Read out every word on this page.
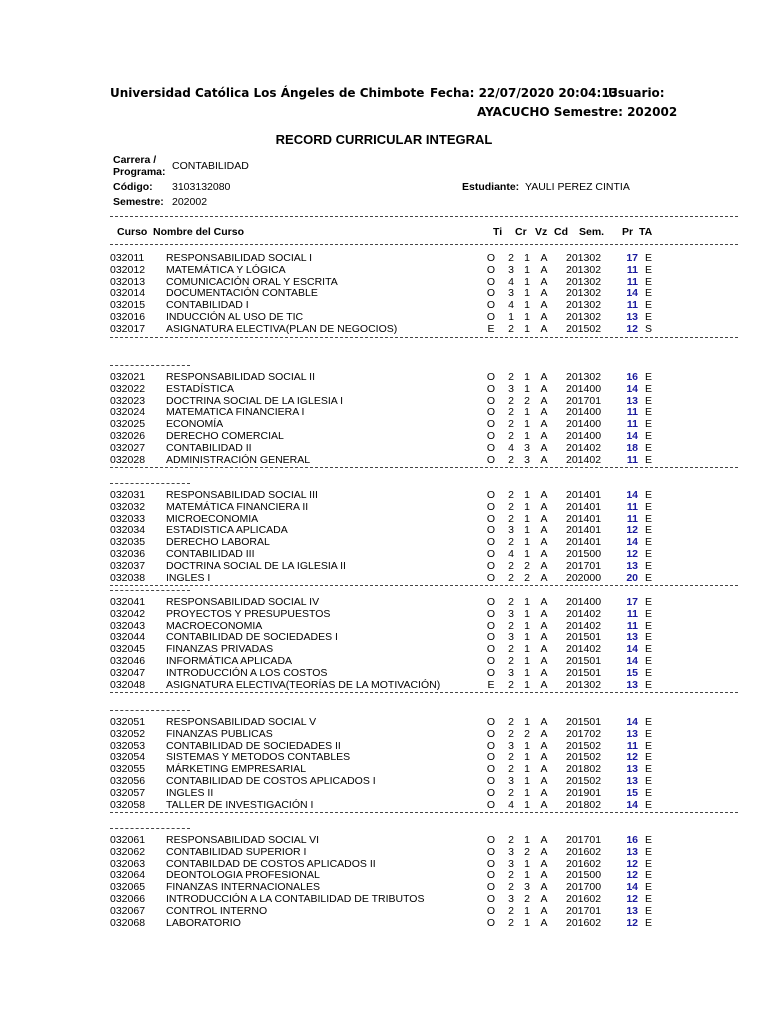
Universidad Católica Los Ángeles de Chimbote Fecha: 22/07/2020 20:04:13
Usuario:
AYACUCHO Semestre: 202002
RECORD CURRICULAR INTEGRAL
Carrera /
Programa: CONTABILIDAD
Código: 3103132080	Estudiante: YAULI PEREZ CINTIA
Semestre: 202002
Curso Nombre del Curso	Ti Cr Vz Cd Sem. Pr TA
032011 RESPONSABILIDAD SOCIAL I	O 2 1 A 201302	17 E
032012 MATEMÁTICA Y LÓGICA	O 3 1 A 201302	11 E
032013 COMUNICACIÓN ORAL Y ESCRITA	O 4 1 A 201302	11 E
032014 DOCUMENTACIÓN CONTABLE	O 3 1 A 201302	14 E
032015 CONTABILIDAD I	O 4 1 A 201302	11 E
032016 INDUCCIÓN AL USO DE TIC	O 1 1 A 201302	13 E
032017 ASIGNATURA ELECTIVA(PLAN DE NEGOCIOS)	E 2 1 A 201502	12 S
032021 RESPONSABILIDAD SOCIAL II	O 2 1 A 201302	16 E
032022 ESTADÍSTICA	O 3 1 A 201400	14 E
032023 DOCTRINA SOCIAL DE LA IGLESIA I	O 2 2 A 201701	13 E
032024 MATEMATICA FINANCIERA I	O 2 1 A 201400	11 E
032025 ECONOMÍA	O 2 1 A 201400	11 E
032026 DERECHO COMERCIAL	O 2 1 A 201400	14 E
032027 CONTABILIDAD II	O 4 3 A 201402	18 E
032028 ADMINISTRACIÓN GENERAL	O 2 3 A 201402	11 E
032031 RESPONSABILIDAD SOCIAL III	O 2 1 A 201401	14 E
032032 MATEMÁTICA FINANCIERA II	O 2 1 A 201401	11 E
032033 MICROECONOMIA	O 2 1 A 201401	11 E
032034 ESTADISTICA APLICADA	O 3 1 A 201401	12 E
032035 DERECHO LABORAL	O 2 1 A 201401	14 E
032036 CONTABILIDAD III	O 4 1 A 201500	12 E
032037 DOCTRINA SOCIAL DE LA IGLESIA II	O 2 2 A 201701	13 E
032038 INGLES I	O 2 2 A 202000	20 E
032041 RESPONSABILIDAD SOCIAL IV	O 2 1 A 201400	17 E
032042 PROYECTOS Y PRESUPUESTOS	O 3 1 A 201402	11 E
032043 MACROECONOMIA	O 2 1 A 201402	11 E
032044 CONTABILIDAD DE SOCIEDADES I	O 3 1 A 201501	13 E
032045 FINANZAS PRIVADAS	O 2 1 A 201402	14 E
032046 INFORMÁTICA APLICADA	O 2 1 A 201501	14 E
032047 INTRODUCCIÓN A LOS COSTOS	O 3 1 A 201501	15 E
032048 ASIGNATURA ELECTIVA(TEORÍAS DE LA MOTIVACIÓN)	E 2 1 A 201302	13 E
032051 RESPONSABILIDAD SOCIAL V	O 2 1 A 201501	14 E
032052 FINANZAS PUBLICAS	O 2 2 A 201702	13 E
032053 CONTABILIDAD DE SOCIEDADES II	O 3 1 A 201502	11 E
032054 SISTEMAS Y METODOS CONTABLES	O 2 1 A 201502	12 E
032055 MÁRKETING EMPRESARIAL	O 2 1 A 201802	13 E
032056 CONTABILIDAD DE COSTOS APLICADOS I	O 3 1 A 201502	13 E
032057 INGLES II	O 2 1 A 201901	15 E
032058 TALLER DE INVESTIGACIÓN I	O 4 1 A 201802	14 E
032061 RESPONSABILIDAD SOCIAL VI	O 2 1 A 201701	16 E
032062 CONTABILIDAD SUPERIOR I	O 3 2 A 201602	13 E
032063 CONTABILDAD DE COSTOS APLICADOS II	O 3 1 A 201602	12 E
032064 DEONTOLOGIA PROFESIONAL	O 2 1 A 201500	12 E
032065 FINANZAS INTERNACIONALES	O 2 3 A 201700	14 E
032066 INTRODUCCIÓN A LA CONTABILIDAD DE TRIBUTOS	O 3 2 A 201602	12 E
032067 CONTROL INTERNO	O 2 1 A 201701	13 E
032068 LABORATORIO	O 2 1 A 201602	12 E
